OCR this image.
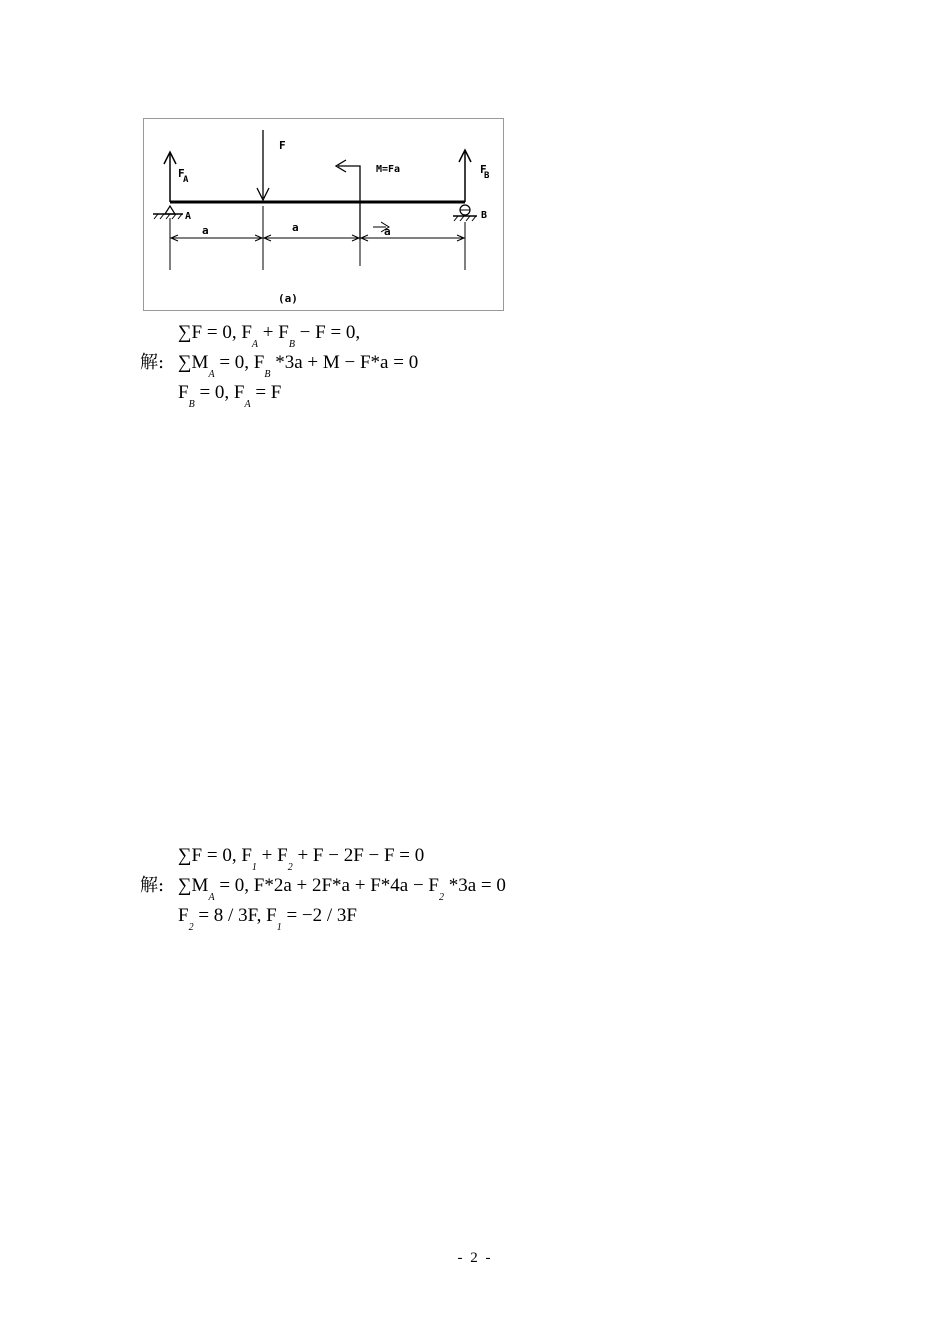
F
F
A
F
B
M=Fa
A	B
a	a	a
(a)
∑F = 0, $F_A + F_B - F = 0$,
解: $\sum M_A = 0$, $F_B$ *3a + M − F*a = 0
$F_B = 0$, $F_A = F$
∑F = 0, $F_1 + F_2 + F - 2F - F = 0$
解: $\sum M_A = 0$, $F*2a + 2F*a + F*4a - F_2$ *3a = 0
$F_2 = 8 / 3F$, $F_1 = -2 / 3F$
- 2 -
